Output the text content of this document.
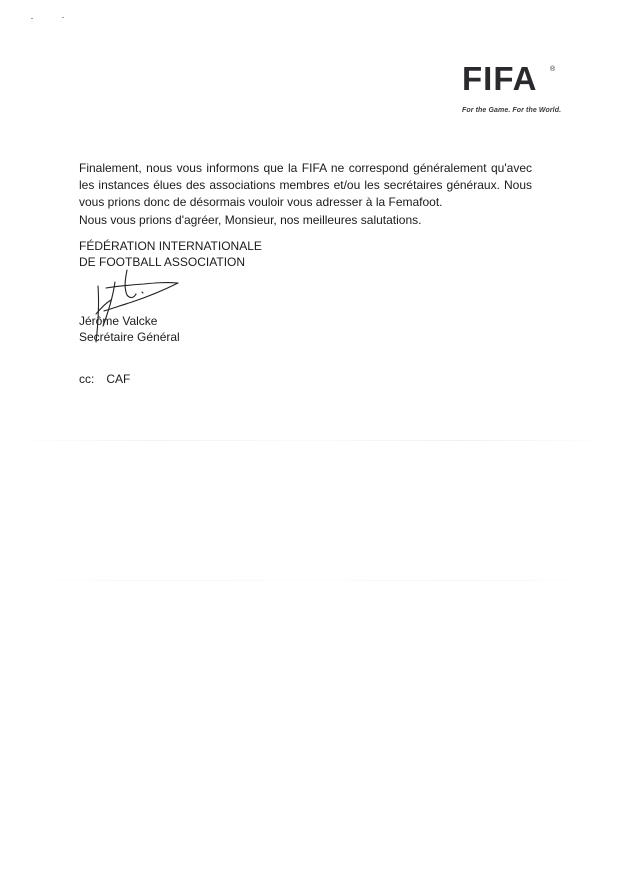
FIFA ®
For the Game. For the World.

Finalement, nous vous informons que la FIFA ne correspond généralement qu'avec les instances élues des associations membres et/ou les secrétaires généraux. Nous vous prions donc de désormais vouloir vous adresser à la Femafoot.

Nous vous prions d'agréer, Monsieur, nos meilleures salutations.

FÉDÉRATION INTERNATIONALE
DE FOOTBALL ASSOCIATION
Jérôme Valcke
Secrétaire Général
cc: CAF
